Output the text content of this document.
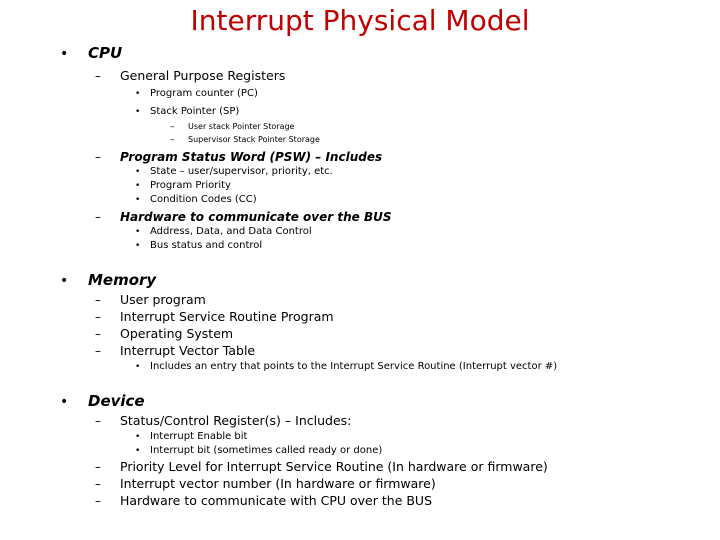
Interrupt Physical Model
• CPU
– General Purpose Registers
• Program counter (PC)
• Stack Pointer (SP)
– User stack Pointer Storage
– Supervisor Stack Pointer Storage
– Program Status Word (PSW) – Includes
• State – user/supervisor, priority, etc.
• Program Priority
• Condition Codes (CC)
– Hardware to communicate over the BUS
• Address, Data, and Data Control
• Bus status and control
• Memory
– User program
– Interrupt Service Routine Program
– Operating System
– Interrupt Vector Table
• Includes an entry that points to the Interrupt Service Routine (Interrupt vector #)
• Device
– Status/Control Register(s) – Includes:
• Interrupt Enable bit
• Interrupt bit (sometimes called ready or done)
– Priority Level for Interrupt Service Routine (In hardware or firmware)
– Interrupt vector number (In hardware or firmware)
– Hardware to communicate with CPU over the BUS
